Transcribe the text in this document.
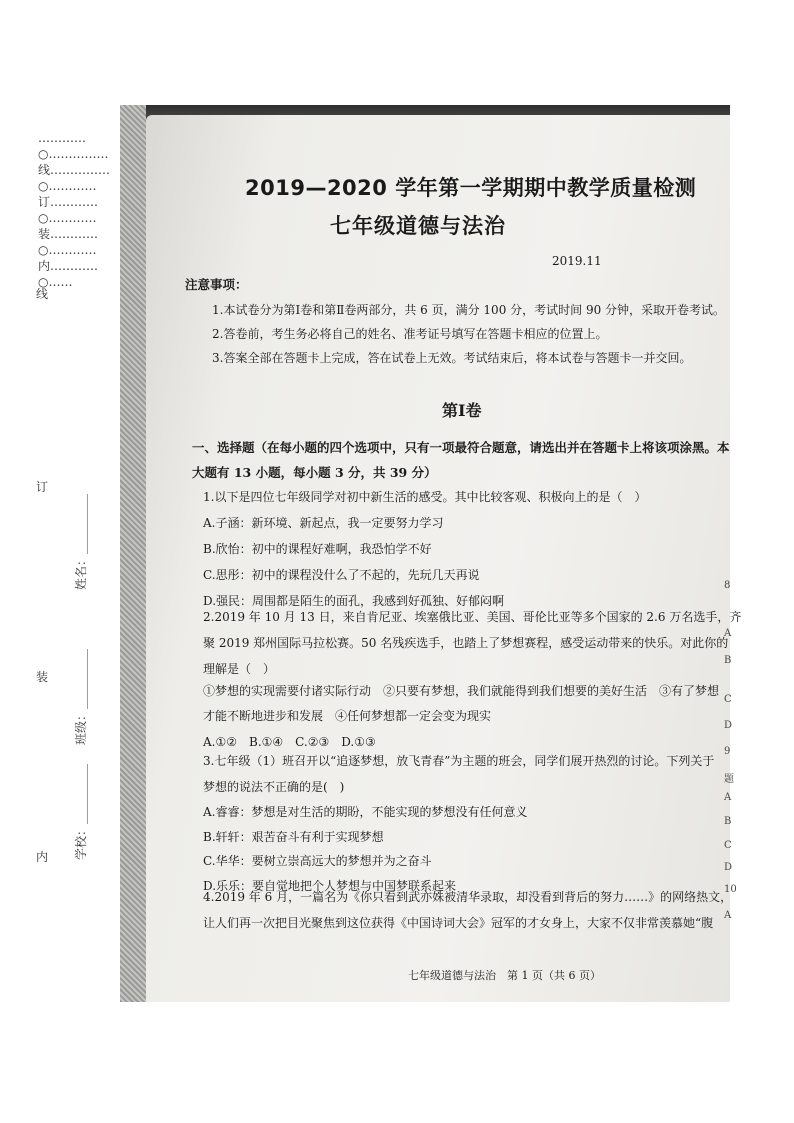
…………○……………线……………○…………订…………○…………装…………○…………内…………○……
线
订
装
内 学校：__________
班级：__________
姓名：__________
2019—2020 学年第一学期期中教学质量检测
七年级道德与法治
2019.11
注意事项：
1.本试卷分为第Ⅰ卷和第Ⅱ卷两部分，共 6 页，满分 100 分，考试时间 90 分钟，采取开卷考试。
2.答卷前，考生务必将自己的姓名、准考证号填写在答题卡相应的位置上。
3.答案全部在答题卡上完成，答在试卷上无效。考试结束后，将本试卷与答题卡一并交回。
第Ⅰ卷
一、选择题（在每小题的四个选项中，只有一项最符合题意，请选出并在答题卡上将该项涂黑。本
大题有 13 小题，每小题 3 分，共 39 分）
1.以下是四位七年级同学对初中新生活的感受。其中比较客观、积极向上的是（　）
A.子涵：新环境、新起点，我一定要努力学习
B.欣怡：初中的课程好难啊，我恐怕学不好
C.思彤：初中的课程没什么了不起的，先玩几天再说
D.强民：周围都是陌生的面孔，我感到好孤独、好郁闷啊
2.2019 年 10 月 13 日，来自肯尼亚、埃塞俄比亚、美国、哥伦比亚等多个国家的 2.6 万名选手，齐
聚 2019 郑州国际马拉松赛。50 名残疾选手，也踏上了梦想赛程，感受运动带来的快乐。对此你的
理解是（　）
①梦想的实现需要付诸实际行动　②只要有梦想，我们就能得到我们想要的美好生活　③有了梦想
才能不断地进步和发展　④任何梦想都一定会变为现实
A.①②　B.①④　C.②③　D.①③
3.七年级（1）班召开以“追逐梦想，放飞青春”为主题的班会，同学们展开热烈的讨论。下列关于
梦想的说法不正确的是(　)
A.睿睿：梦想是对生活的期盼，不能实现的梦想没有任何意义
B.轩轩：艰苦奋斗有利于实现梦想
C.华华：要树立崇高远大的梦想并为之奋斗
D.乐乐：要自觉地把个人梦想与中国梦联系起来
4.2019 年 6 月，一篇名为《你只看到武亦姝被清华录取，却没看到背后的努力……》的网络热文，
让人们再一次把目光聚焦到这位获得《中国诗词大会》冠军的才女身上，大家不仅非常羡慕她“腹
七年级道德与法治　第 1 页（共 6 页）
8
A
B
C
D
9
题
A
B
C
D
10
A
